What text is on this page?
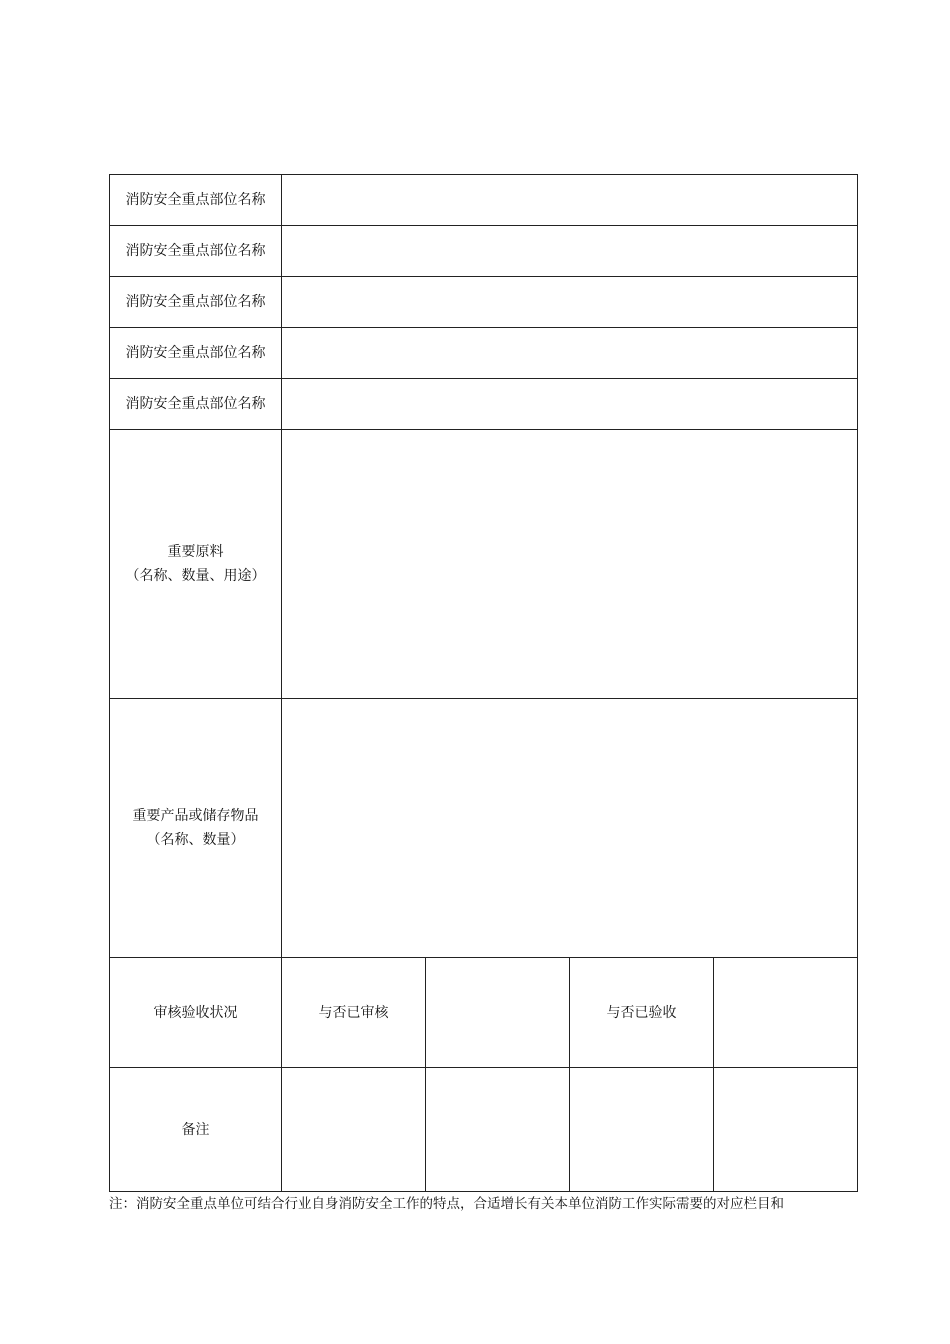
消防安全重点部位名称				
消防安全重点部位名称				
消防安全重点部位名称				
消防安全重点部位名称				
消防安全重点部位名称				

重要原料
（名称、数量、用途）				

重要产品或储存物品
（名称、数量）				

审核验收状况	与否已审核		与否已验收	
备注				
注：消防安全重点单位可结合行业自身消防安全工作的特点，合适增长有关本单位消防工作实际需要的对应栏目和
